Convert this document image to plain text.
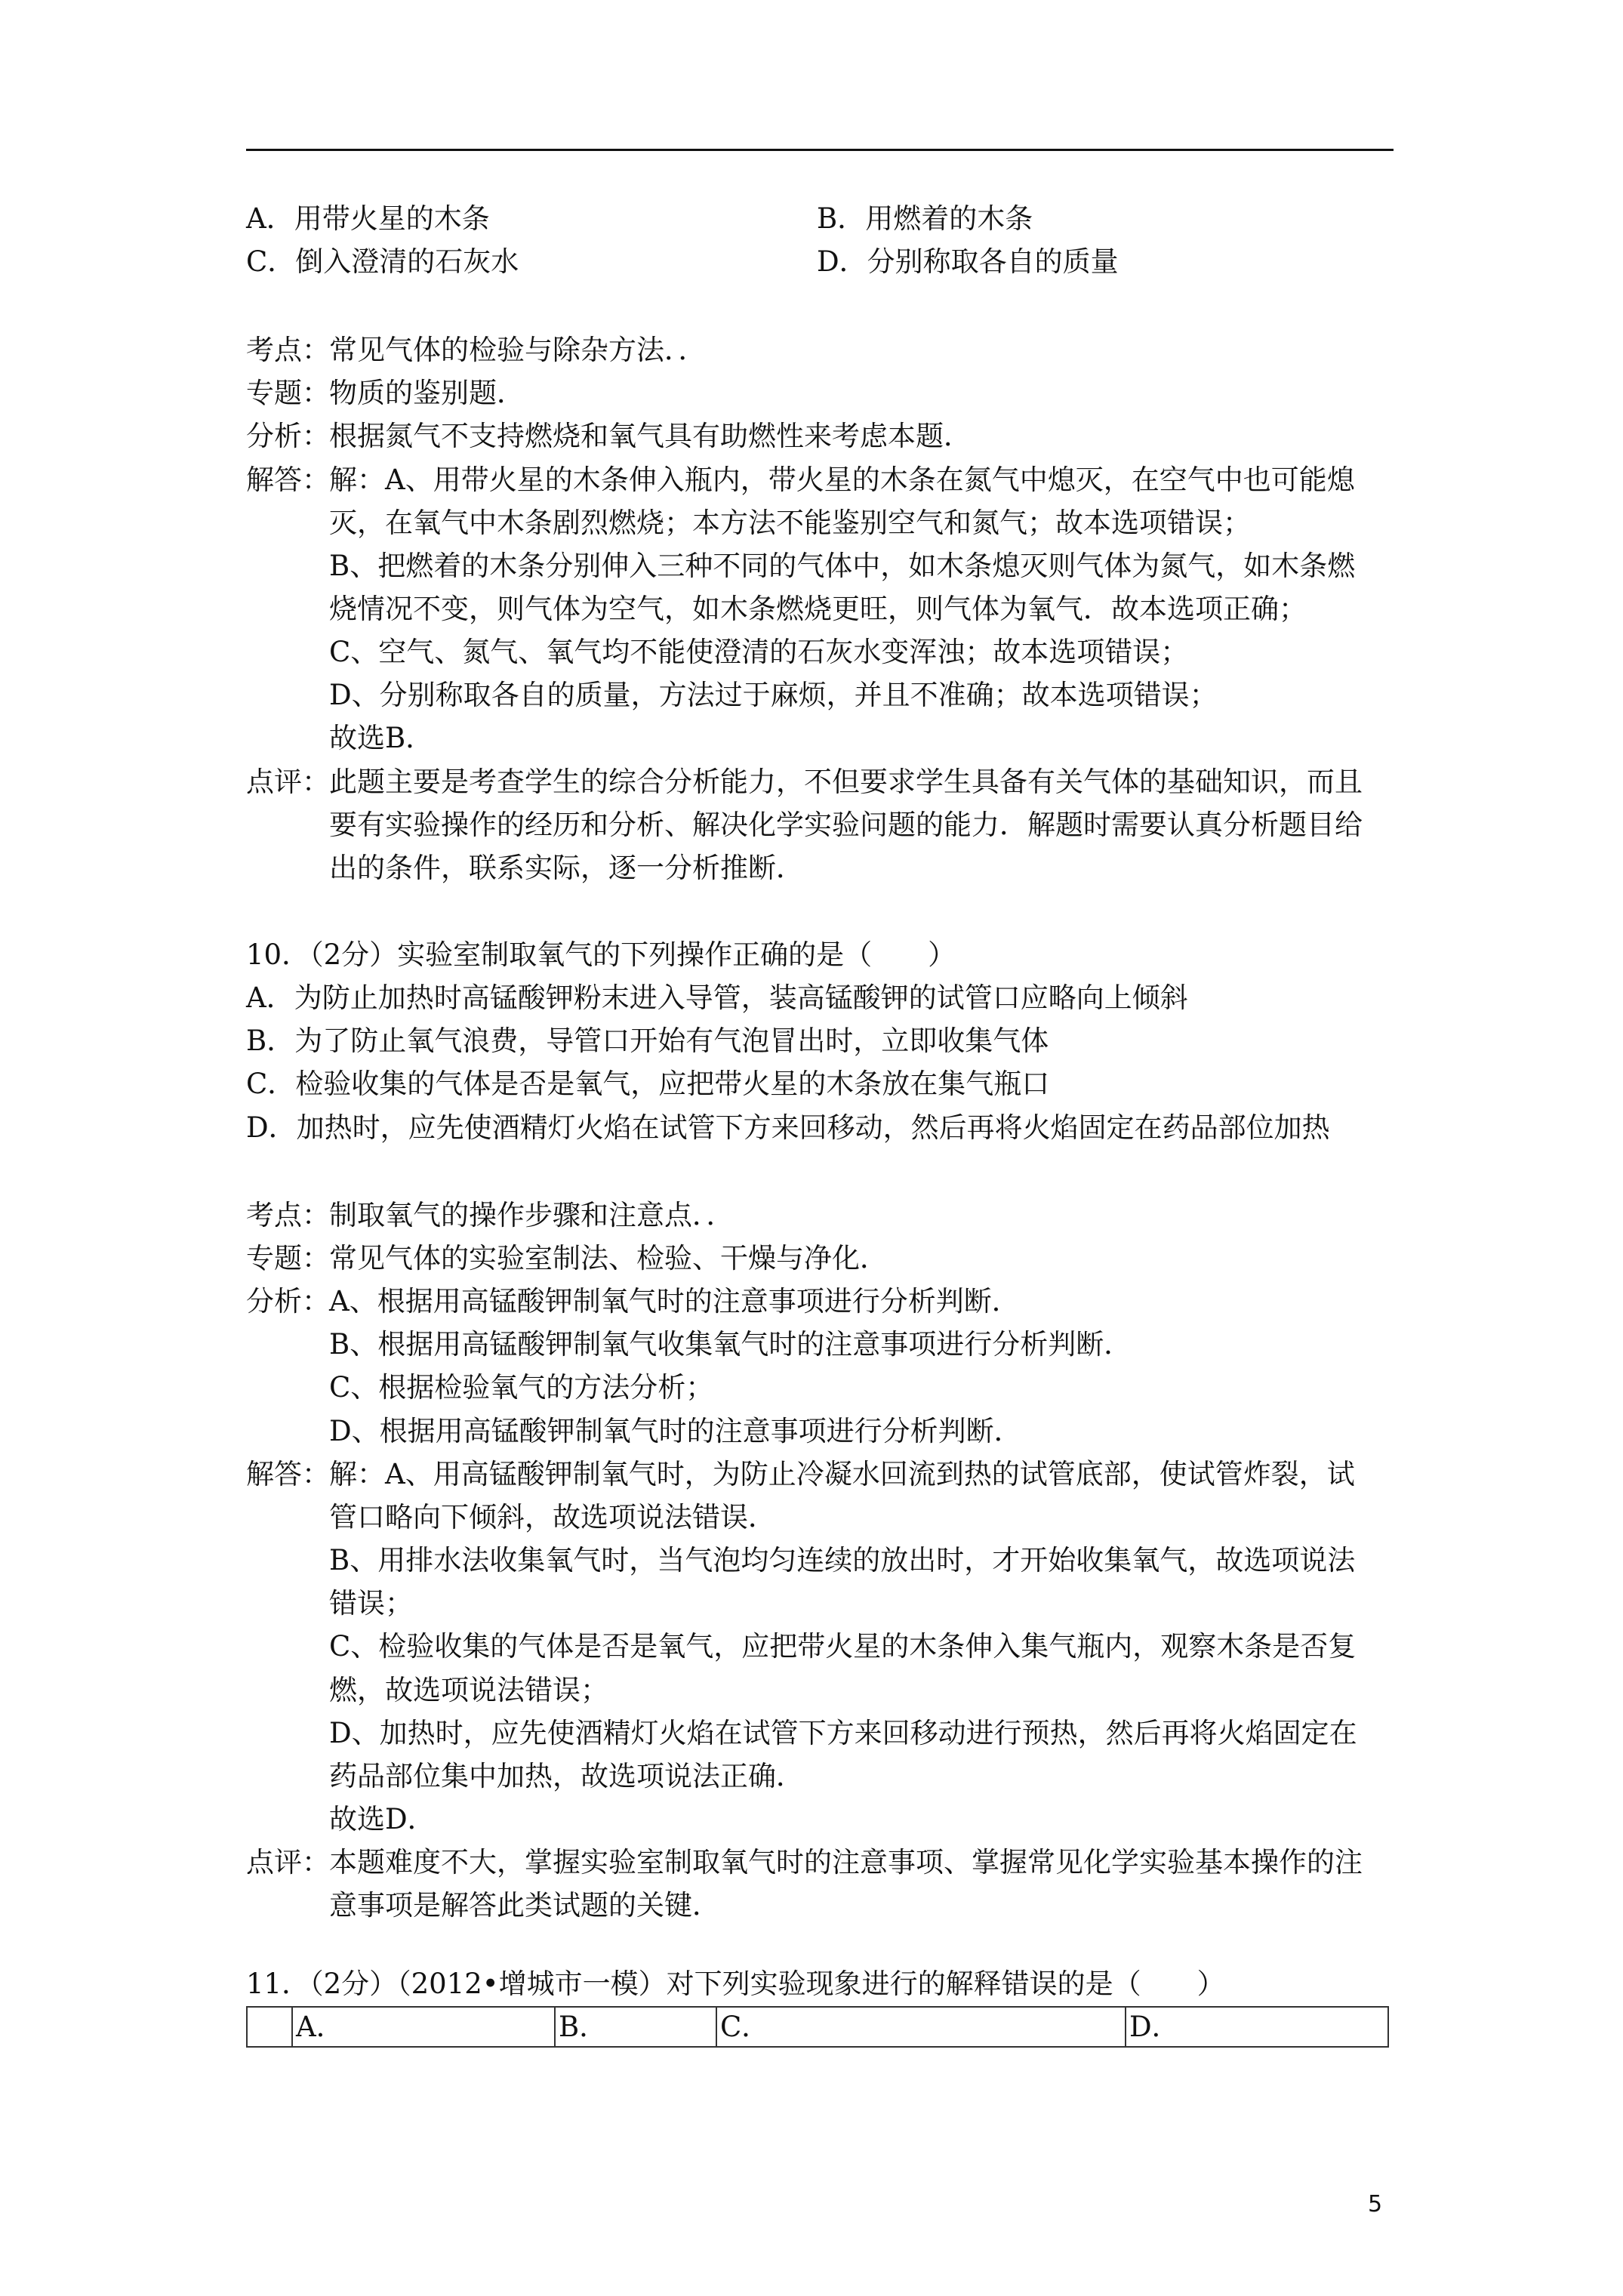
A．用带火星的木条	B．用燃着的木条
C．倒入澄清的石灰水	D．分别称取各自的质量
考点： 常见气体的检验与除杂方法．．
专题： 物质的鉴别题．
分析： 根据氮气不支持燃烧和氧气具有助燃性来考虑本题．
解答： 解：A、用带火星的木条伸入瓶内，带火星的木条在氮气中熄灭，在空气中也可能熄
灭，在氧气中木条剧烈燃烧；本方法不能鉴别空气和氮气；故本选项错误；
B、把燃着的木条分别伸入三种不同的气体中，如木条熄灭则气体为氮气，如木条燃
烧情况不变，则气体为空气，如木条燃烧更旺，则气体为氧气．故本选项正确；
C、空气、氮气、氧气均不能使澄清的石灰水变浑浊；故本选项错误；
D、分别称取各自的质量，方法过于麻烦，并且不准确；故本选项错误；
故选B．
点评： 此题主要是考查学生的综合分析能力，不但要求学生具备有关气体的基础知识，而且
要有实验操作的经历和分析、解决化学实验问题的能力．解题时需要认真分析题目给
出的条件，联系实际，逐一分析推断．
10．（2分）实验室制取氧气的下列操作正确的是（　　）
A．为防止加热时高锰酸钾粉末进入导管，装高锰酸钾的试管口应略向上倾斜
B．为了防止氧气浪费，导管口开始有气泡冒出时，立即收集气体
C．检验收集的气体是否是氧气，应把带火星的木条放在集气瓶口
D．加热时，应先使酒精灯火焰在试管下方来回移动，然后再将火焰固定在药品部位加热
考点： 制取氧气的操作步骤和注意点．．
专题： 常见气体的实验室制法、检验、干燥与净化．
分析： A、根据用高锰酸钾制氧气时的注意事项进行分析判断．
B、根据用高锰酸钾制氧气收集氧气时的注意事项进行分析判断．
C、根据检验氧气的方法分析；
D、根据用高锰酸钾制氧气时的注意事项进行分析判断．
解答： 解：A、用高锰酸钾制氧气时，为防止冷凝水回流到热的试管底部，使试管炸裂，试
管口略向下倾斜，故选项说法错误．
B、用排水法收集氧气时，当气泡均匀连续的放出时，才开始收集氧气，故选项说法
错误；
C、检验收集的气体是否是氧气，应把带火星的木条伸入集气瓶内，观察木条是否复
燃，故选项说法错误；
D、加热时，应先使酒精灯火焰在试管下方来回移动进行预热，然后再将火焰固定在
药品部位集中加热，故选项说法正确．
故选D．
点评： 本题难度不大，掌握实验室制取氧气时的注意事项、掌握常见化学实验基本操作的注
意事项是解答此类试题的关键．
11．（2分）（2012•增城市一模）对下列实验现象进行的解释错误的是（　　）
A．	B．	C．	D．
5
